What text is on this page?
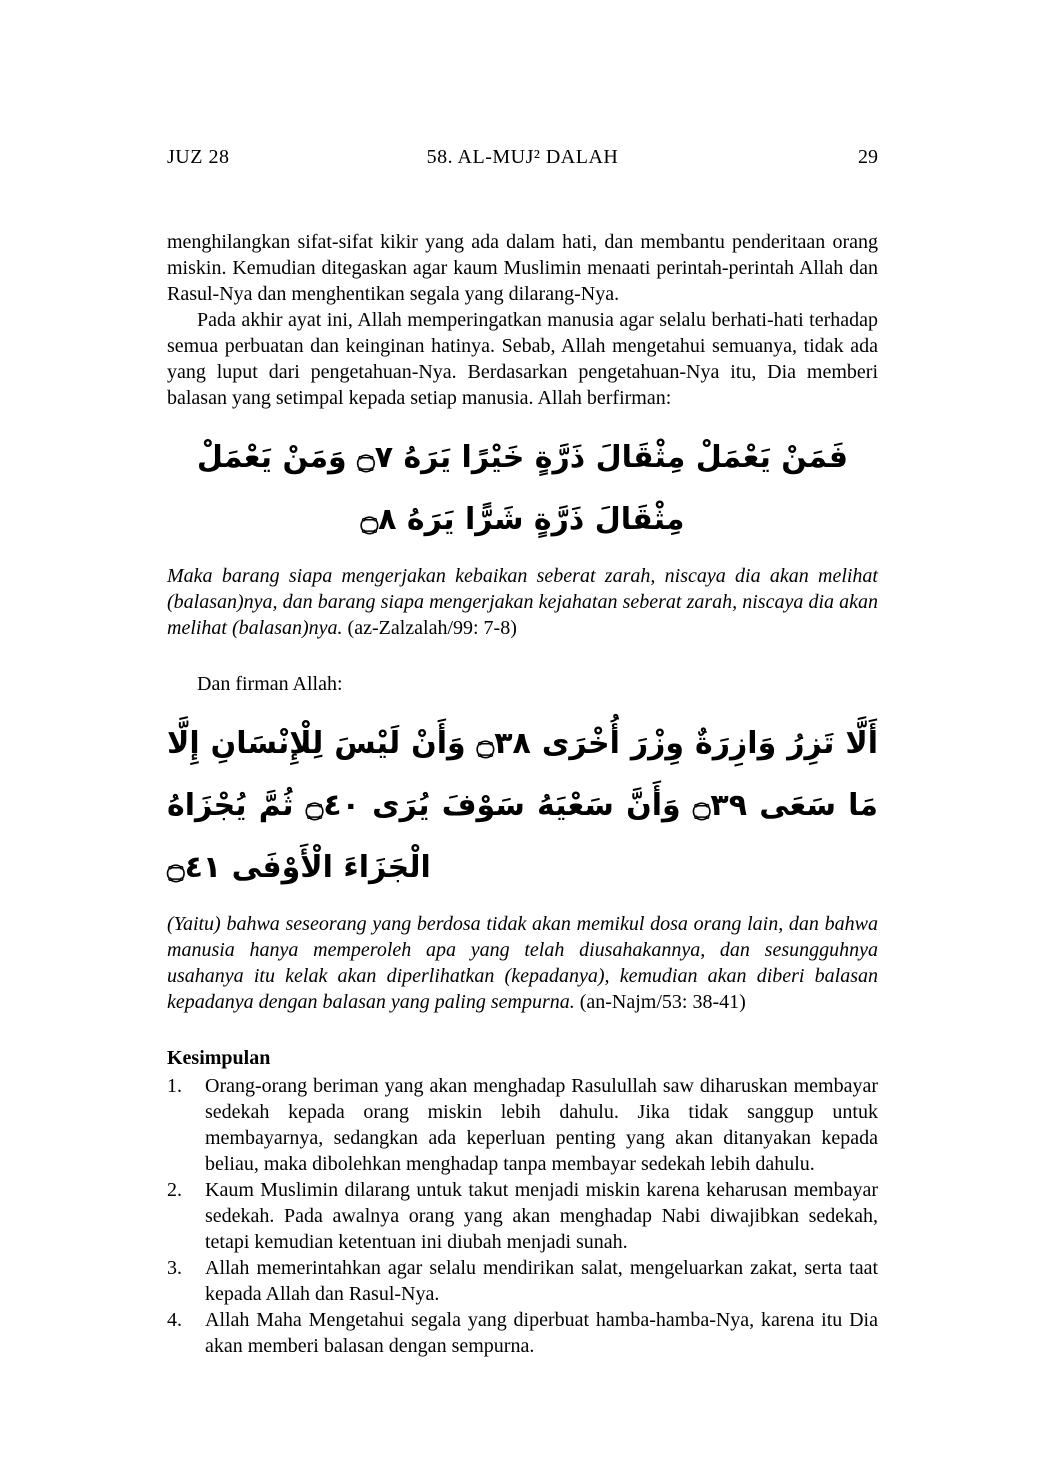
JUZ 28	58. AL-MUJ² DALAH	29

menghilangkan sifat-sifat kikir yang ada dalam hati, dan membantu penderitaan orang miskin. Kemudian ditegaskan agar kaum Muslimin menaati perintah-perintah Allah dan Rasul-Nya dan menghentikan segala yang dilarang-Nya.

Pada akhir ayat ini, Allah memperingatkan manusia agar selalu berhati-hati terhadap semua perbuatan dan keinginan hatinya. Sebab, Allah mengetahui semuanya, tidak ada yang luput dari pengetahuan-Nya. Berdasarkan pengetahuan-Nya itu, Dia memberi balasan yang setimpal kepada setiap manusia. Allah berfirman:

فَمَنْ يَعْمَلْ مِثْقَالَ ذَرَّةٍ خَيْرًا يَرَهُ ۝٧ وَمَنْ يَعْمَلْ مِثْقَالَ ذَرَّةٍ شَرًّا يَرَهُ ۝٨

Maka barang siapa mengerjakan kebaikan seberat zarah, niscaya dia akan melihat (balasan)nya, dan barang siapa mengerjakan kejahatan seberat zarah, niscaya dia akan melihat (balasan)nya. (az-Zalzalah/99: 7-8)

Dan firman Allah:

أَلَّا تَزِرُ وَازِرَةٌ وِزْرَ أُخْرَى ۝٣٨ وَأَنْ لَيْسَ لِلْإِنْسَانِ إِلَّا مَا سَعَى ۝٣٩ وَأَنَّ سَعْيَهُ سَوْفَ يُرَى ۝٤٠ ثُمَّ يُجْزَاهُ الْجَزَاءَ الْأَوْفَى ۝٤١

(Yaitu) bahwa seseorang yang berdosa tidak akan memikul dosa orang lain, dan bahwa manusia hanya memperoleh apa yang telah diusahakannya, dan sesungguhnya usahanya itu kelak akan diperlihatkan (kepadanya), kemudian akan diberi balasan kepadanya dengan balasan yang paling sempurna. (an-Najm/53: 38-41)

Kesimpulan
1.	Orang-orang beriman yang akan menghadap Rasulullah saw diharuskan membayar sedekah kepada orang miskin lebih dahulu. Jika tidak sanggup untuk membayarnya, sedangkan ada keperluan penting yang akan ditanyakan kepada beliau, maka dibolehkan menghadap tanpa membayar sedekah lebih dahulu.
2.	Kaum Muslimin dilarang untuk takut menjadi miskin karena keharusan membayar sedekah. Pada awalnya orang yang akan menghadap Nabi diwajibkan sedekah, tetapi kemudian ketentuan ini diubah menjadi sunah.
3.	Allah memerintahkan agar selalu mendirikan salat, mengeluarkan zakat, serta taat kepada Allah dan Rasul-Nya.
4.	Allah Maha Mengetahui segala yang diperbuat hamba-hamba-Nya, karena itu Dia akan memberi balasan dengan sempurna.
